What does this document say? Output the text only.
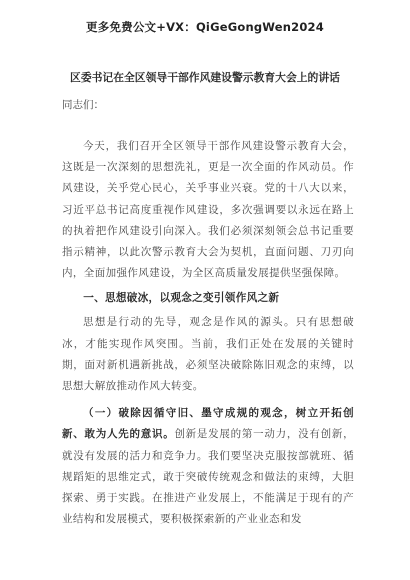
更多免费公文+VX：QiGeGongWen2024
区委书记在全区领导干部作风建设警示教育大会上的讲话
同志们：

今天，我们召开全区领导干部作风建设警示教育大会，这既是一次深刻的思想洗礼，更是一次全面的作风动员。作风建设，关乎党心民心，关乎事业兴衰。党的十八大以来，习近平总书记高度重视作风建设，多次强调要以永远在路上的执着把作风建设引向深入。我们必须深刻领会总书记重要指示精神，以此次警示教育大会为契机，直面问题、刀刃向内，全面加强作风建设，为全区高质量发展提供坚强保障。

一、思想破冰，以观念之变引领作风之新

思想是行动的先导，观念是作风的源头。只有思想破冰，才能实现作风突围。当前，我们正处在发展的关键时期，面对新机遇新挑战，必须坚决破除陈旧观念的束缚，以思想大解放推动作风大转变。

（一）破除因循守旧、墨守成规的观念，树立开拓创新、敢为人先的意识。创新是发展的第一动力，没有创新，就没有发展的活力和竞争力。我们要坚决克服按部就班、循规蹈矩的思维定式，敢于突破传统观念和做法的束缚，大胆探索、勇于实践。在推进产业发展上，不能满足于现有的产业结构和发展模式，要积极探索新的产业业态和发
